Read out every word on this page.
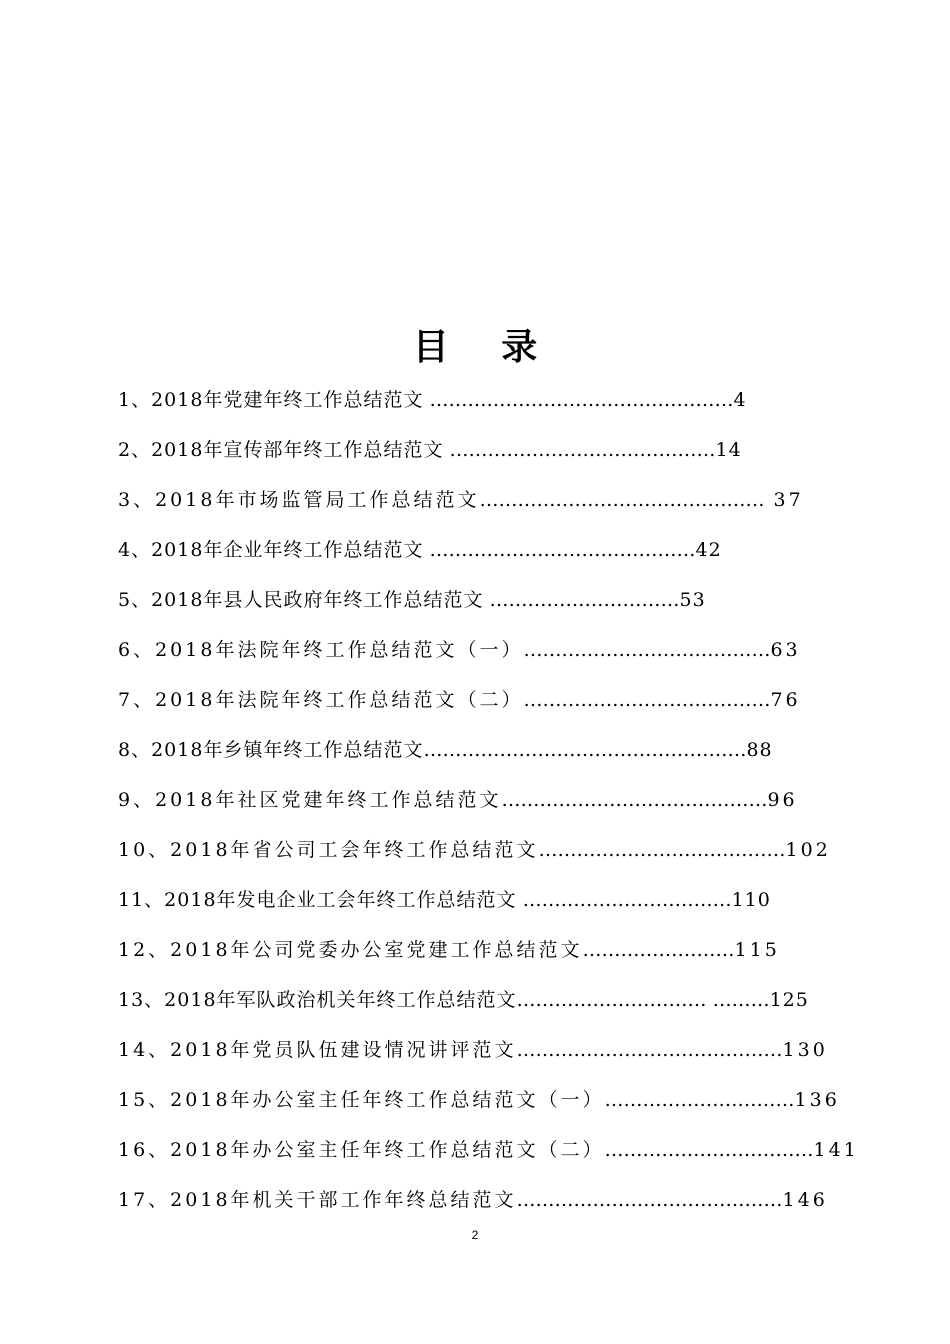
目 录
1、2018年党建年终工作总结范文 …………………………………………4
2、2018年宣传部年终工作总结范文 ……………………………………14
3、2018年市场监管局工作总结范文……………………………………… 37
4、2018年企业年终工作总结范文 ……………………………………42
5、2018年县人民政府年终工作总结范文 …………………………53
6、2018年法院年终工作总结范文（一）…………………………………63
7、2018年法院年终工作总结范文（二）…………………………………76
8、2018年乡镇年终工作总结范文……………………………………………88
9、2018年社区党建年终工作总结范文……………………………………96
10、2018年省公司工会年终工作总结范文…………………………………102
11、2018年发电企业工会年终工作总结范文 ……………………………110
12、2018年公司党委办公室党建工作总结范文……………………115
13、2018年军队政治机关年终工作总结范文………………………… ………125
14、2018年党员队伍建设情况讲评范文……………………………………130
15、2018年办公室主任年终工作总结范文（一）…………………………136
16、2018年办公室主任年终工作总结范文（二）……………………………141
17、2018年机关干部工作年终总结范文……………………………………146
2
